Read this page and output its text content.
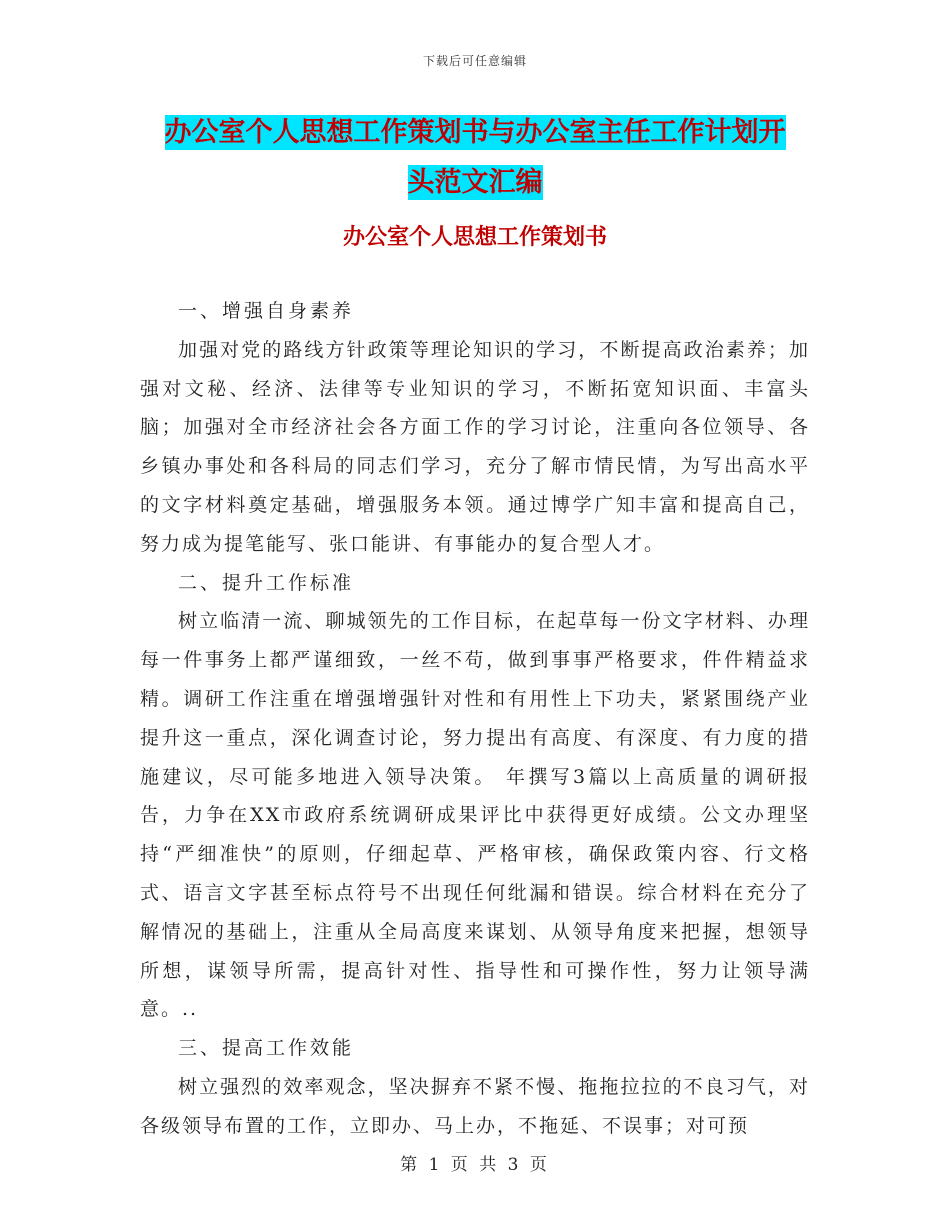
下载后可任意编辑
办公室个人思想工作策划书与办公室主任工作计划开
头范文汇编
办公室个人思想工作策划书

一、增强自身素养

加强对党的路线方针政策等理论知识的学习，不断提高政治素养；加强对文秘、经济、法律等专业知识的学习，不断拓宽知识面、丰富头脑；加强对全市经济社会各方面工作的学习讨论，注重向各位领导、各乡镇办事处和各科局的同志们学习，充分了解市情民情，为写出高水平的文字材料奠定基础，增强服务本领。通过博学广知丰富和提高自己，努力成为提笔能写、张口能讲、有事能办的复合型人才。

二、提升工作标准

树立临清一流、聊城领先的工作目标，在起草每一份文字材料、办理每一件事务上都严谨细致，一丝不苟，做到事事严格要求，件件精益求精。调研工作注重在增强增强针对性和有用性上下功夫，紧紧围绕产业提升这一重点，深化调查讨论，努力提出有高度、有深度、有力度的措施建议，尽可能多地进入领导决策。 年撰写3篇以上高质量的调研报告，力争在XX市政府系统调研成果评比中获得更好成绩。公文办理坚持“严细准快”的原则，仔细起草、严格审核，确保政策内容、行文格式、语言文字甚至标点符号不出现任何纰漏和错误。综合材料在充分了解情况的基础上，注重从全局高度来谋划、从领导角度来把握，想领导所想，谋领导所需，提高针对性、指导性和可操作性，努力让领导满意。..

三、提高工作效能

树立强烈的效率观念，坚决摒弃不紧不慢、拖拖拉拉的不良习气，对各级领导布置的工作，立即办、马上办，不拖延、不误事；对可预

第 1 页 共 3 页
